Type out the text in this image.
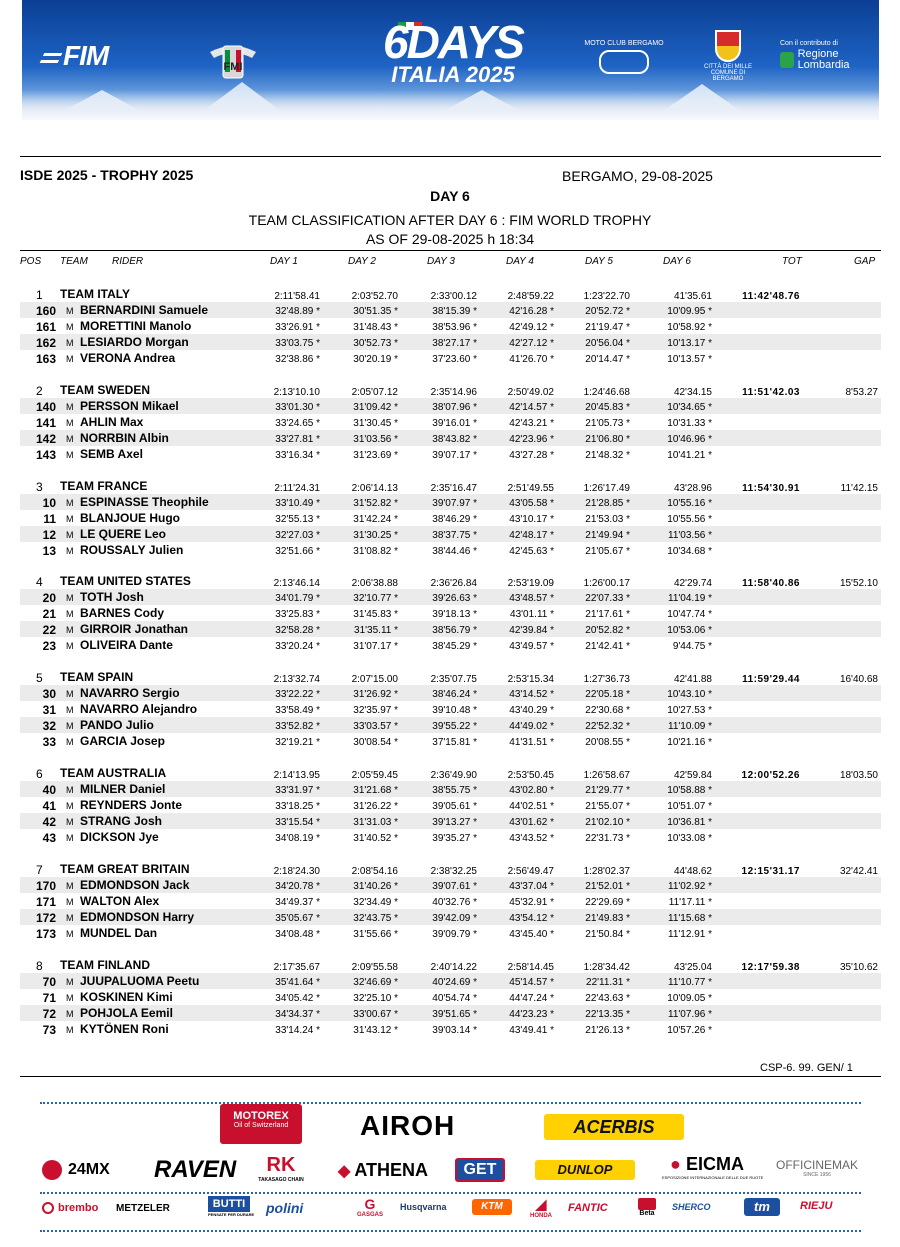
FIM	FMI	6DAYS
ITALIA 2025
MOTO CLUB BERGAMO
CITTÀ DEI MILLE
COMUNE DI BERGAMO
Con il contributo di
Regione Lombardia
ISDE 2025 - TROPHY 2025	BERGAMO, 29-08-2025
DAY 6
TEAM CLASSIFICATION AFTER DAY 6 : FIM WORLD TROPHY
AS OF 29-08-2025 h 18:34
POS TEAM RIDER	DAY 1	DAY 2	DAY 3	DAY 4	DAY 5	DAY 6	TOT	GAP
1 TEAM ITALY	2:11'58.41	2:03'52.70	2:33'00.12	2:48'59.22	1:23'22.70	41'35.61	11:42'48.76
160 M BERNARDINI Samuele	32'48.89 *	30'51.35 *	38'15.39 *	42'16.28 *	20'52.72 *	10'09.95 *
161 M MORETTINI Manolo	33'26.91 *	31'48.43 *	38'53.96 *	42'49.12 *	21'19.47 *	10'58.92 *
162 M LESIARDO Morgan	33'03.75 *	30'52.73 *	38'27.17 *	42'27.12 *	20'56.04 *	10'13.17 *
163 M VERONA Andrea	32'38.86 *	30'20.19 *	37'23.60 *	41'26.70 *	20'14.47 *	10'13.57 *
2 TEAM SWEDEN	2:13'10.10	2:05'07.12	2:35'14.96	2:50'49.02	1:24'46.68	42'34.15	11:51'42.03	8'53.27
140 M PERSSON Mikael	33'01.30 *	31'09.42 *	38'07.96 *	42'14.57 *	20'45.83 *	10'34.65 *
141 M AHLIN Max	33'24.65 *	31'30.45 *	39'16.01 *	42'43.21 *	21'05.73 *	10'31.33 *
142 M NORRBIN Albin	33'27.81 *	31'03.56 *	38'43.82 *	42'23.96 *	21'06.80 *	10'46.96 *
143 M SEMB Axel	33'16.34 *	31'23.69 *	39'07.17 *	43'27.28 *	21'48.32 *	10'41.21 *
3 TEAM FRANCE	2:11'24.31	2:06'14.13	2:35'16.47	2:51'49.55	1:26'17.49	43'28.96	11:54'30.91	11'42.15
10 M ESPINASSE Theophile	33'10.49 *	31'52.82 *	39'07.97 *	43'05.58 *	21'28.85 *	10'55.16 *
11 M BLANJOUE Hugo	32'55.13 *	31'42.24 *	38'46.29 *	43'10.17 *	21'53.03 *	10'55.56 *
12 M LE QUERE Leo	32'27.03 *	31'30.25 *	38'37.75 *	42'48.17 *	21'49.94 *	11'03.56 *
13 M ROUSSALY Julien	32'51.66 *	31'08.82 *	38'44.46 *	42'45.63 *	21'05.67 *	10'34.68 *
4 TEAM UNITED STATES	2:13'46.14	2:06'38.88	2:36'26.84	2:53'19.09	1:26'00.17	42'29.74	11:58'40.86	15'52.10
20 M TOTH Josh	34'01.79 *	32'10.77 *	39'26.63 *	43'48.57 *	22'07.33 *	11'04.19 *
21 M BARNES Cody	33'25.83 *	31'45.83 *	39'18.13 *	43'01.11 *	21'17.61 *	10'47.74 *
22 M GIRROIR Jonathan	32'58.28 *	31'35.11 *	38'56.79 *	42'39.84 *	20'52.82 *	10'53.06 *
23 M OLIVEIRA Dante	33'20.24 *	31'07.17 *	38'45.29 *	43'49.57 *	21'42.41 *	9'44.75 *
5 TEAM SPAIN	2:13'32.74	2:07'15.00	2:35'07.75	2:53'15.34	1:27'36.73	42'41.88	11:59'29.44	16'40.68
30 M NAVARRO Sergio	33'22.22 *	31'26.92 *	38'46.24 *	43'14.52 *	22'05.18 *	10'43.10 *
31 M NAVARRO Alejandro	33'58.49 *	32'35.97 *	39'10.48 *	43'40.29 *	22'30.68 *	10'27.53 *
32 M PANDO Julio	33'52.82 *	33'03.57 *	39'55.22 *	44'49.02 *	22'52.32 *	11'10.09 *
33 M GARCIA Josep	32'19.21 *	30'08.54 *	37'15.81 *	41'31.51 *	20'08.55 *	10'21.16 *
6 TEAM AUSTRALIA	2:14'13.95	2:05'59.45	2:36'49.90	2:53'50.45	1:26'58.67	42'59.84	12:00'52.26	18'03.50
40 M MILNER Daniel	33'31.97 *	31'21.68 *	38'55.75 *	43'02.80 *	21'29.77 *	10'58.88 *
41 M REYNDERS Jonte	33'18.25 *	31'26.22 *	39'05.61 *	44'02.51 *	21'55.07 *	10'51.07 *
42 M STRANG Josh	33'15.54 *	31'31.03 *	39'13.27 *	43'01.62 *	21'02.10 *	10'36.81 *
43 M DICKSON Jye	34'08.19 *	31'40.52 *	39'35.27 *	43'43.52 *	22'31.73 *	10'33.08 *
7 TEAM GREAT BRITAIN	2:18'24.30	2:08'54.16	2:38'32.25	2:56'49.47	1:28'02.37	44'48.62	12:15'31.17	32'42.41
170 M EDMONDSON Jack	34'20.78 *	31'40.26 *	39'07.61 *	43'37.04 *	21'52.01 *	11'02.92 *
171 M WALTON Alex	34'49.37 *	32'34.49 *	40'32.76 *	45'32.91 *	22'29.69 *	11'17.11 *
172 M EDMONDSON Harry	35'05.67 *	32'43.75 *	39'42.09 *	43'54.12 *	21'49.83 *	11'15.68 *
173 M MUNDEL Dan	34'08.48 *	31'55.66 *	39'09.79 *	43'45.40 *	21'50.84 *	11'12.91 *
8 TEAM FINLAND	2:17'35.67	2:09'55.58	2:40'14.22	2:58'14.45	1:28'34.42	43'25.04	12:17'59.38	35'10.62
70 M JUUPALUOMA Peetu	35'41.64 *	32'46.69 *	40'24.69 *	45'14.57 *	22'11.31 *	11'10.77 *
71 M KOSKINEN Kimi	34'05.42 *	32'25.10 *	40'54.74 *	44'47.24 *	22'43.63 *	10'09.05 *
72 M POHJOLA Eemil	34'34.37 *	33'00.67 *	39'51.65 *	44'23.23 *	22'13.35 *	11'07.96 *
73 M KYTÖNEN Roni	33'14.24 *	31'43.12 *	39'03.14 *	43'49.41 *	21'26.13 *	10'57.26 *
CSP-6. 99. GEN/ 1
MOTOREX
Oil of Switzerland	AIROH	ACERBIS
24MX RAVEN	RK
TAKASAGO CHAIN
◆ ATHENA	GET	DUNLOP	● EICMA
ESPOSIZIONE INTERNAZIONALE DELLE DUE RUOTE
OFFICINEMAK
SINCE 1956
brembo METZELER	BUTTI
PENSATE PER DURARE polini	G
GASGAS
Husqvarna	KTM	◢
HONDA
FANTIC	Beta
SHERCO	tm	RIEJU
